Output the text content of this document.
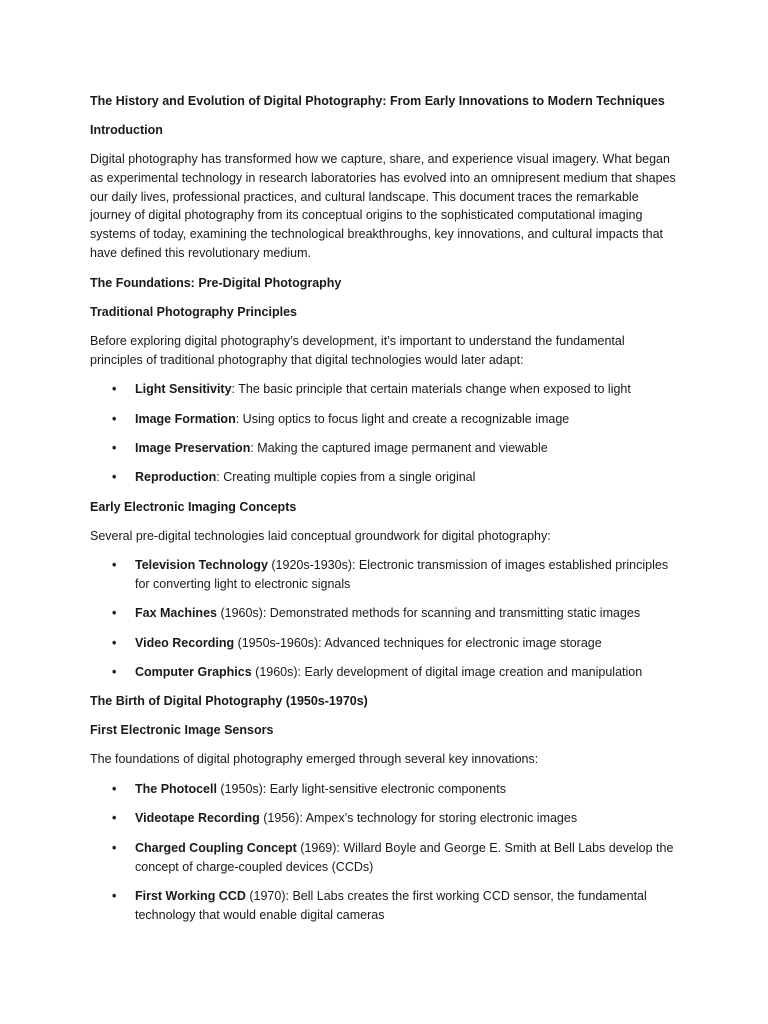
The History and Evolution of Digital Photography: From Early Innovations to Modern Techniques
Introduction

Digital photography has transformed how we capture, share, and experience visual imagery. What began as experimental technology in research laboratories has evolved into an omnipresent medium that shapes our daily lives, professional practices, and cultural landscape. This document traces the remarkable journey of digital photography from its conceptual origins to the sophisticated computational imaging systems of today, examining the technological breakthroughs, key innovations, and cultural impacts that have defined this revolutionary medium.

The Foundations: Pre-Digital Photography
Traditional Photography Principles

Before exploring digital photography’s development, it’s important to understand the fundamental principles of traditional photography that digital technologies would later adapt:

• Light Sensitivity: The basic principle that certain materials change when exposed to light
• Image Formation: Using optics to focus light and create a recognizable image
• Image Preservation: Making the captured image permanent and viewable
• Reproduction: Creating multiple copies from a single original
Early Electronic Imaging Concepts

Several pre-digital technologies laid conceptual groundwork for digital photography:

• Television Technology (1920s-1930s): Electronic transmission of images established principles for converting light to electronic signals
• Fax Machines (1960s): Demonstrated methods for scanning and transmitting static images
• Video Recording (1950s-1960s): Advanced techniques for electronic image storage
• Computer Graphics (1960s): Early development of digital image creation and manipulation
The Birth of Digital Photography (1950s-1970s)
First Electronic Image Sensors

The foundations of digital photography emerged through several key innovations:

• The Photocell (1950s): Early light-sensitive electronic components
• Videotape Recording (1956): Ampex’s technology for storing electronic images
• Charged Coupling Concept (1969): Willard Boyle and George E. Smith at Bell Labs develop the concept of charge-coupled devices (CCDs)
• First Working CCD (1970): Bell Labs creates the first working CCD sensor, the fundamental technology that would enable digital cameras
